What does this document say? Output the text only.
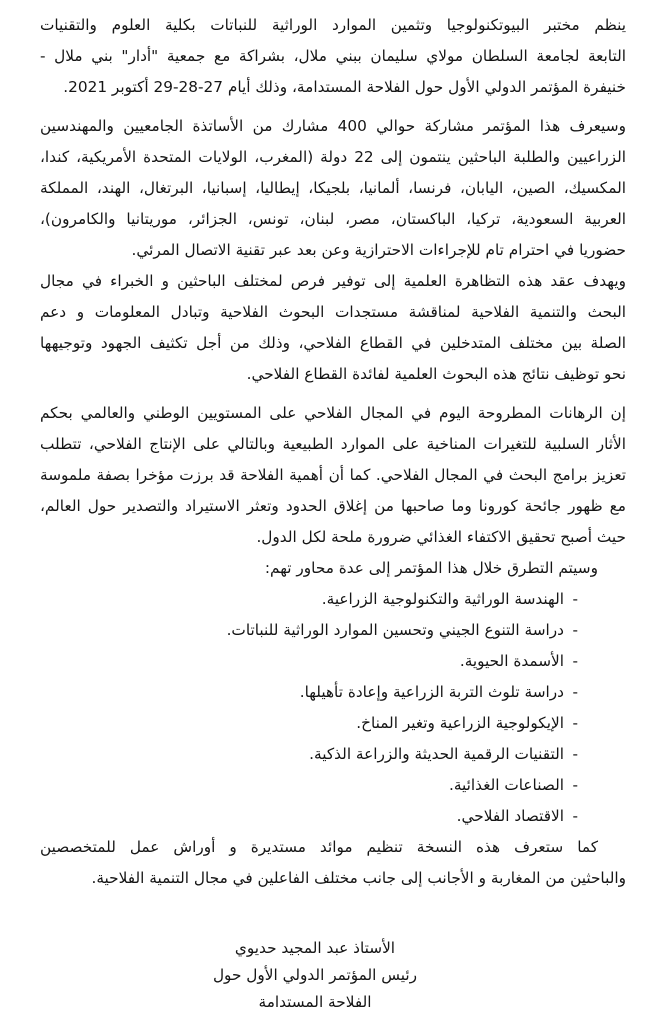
ينظم مختبر البيوتكنولوجيا وتثمين الموارد الوراثية للنباتات بكلية العلوم والتقنيات
التابعة لجامعة السلطان مولاي سليمان ببني ملال، بشراكة مع جمعية "أدار" بني ملال -
خنيفرة المؤتمر الدولي الأول حول الفلاحة المستدامة، وذلك أيام 27-28-29 أكتوبر 2021.

وسيعرف هذا المؤتمر مشاركة حوالي 400 مشارك من الأساتذة الجامعيين والمهندسين
الزراعيين والطلبة الباحثين ينتمون إلى 22 دولة (المغرب، الولايات المتحدة الأمريكية، كندا،
المكسيك، الصين، اليابان، فرنسا، ألمانيا، بلجيكا، إيطاليا، إسبانيا، البرتغال، الهند، المملكة
العربية السعودية، تركيا، الباكستان، مصر، لبنان، تونس، الجزائر، موريتانيا والكامرون)،
حضوريا في احترام تام للإجراءات الاحترازية وعن بعد عبر تقنية الاتصال المرئي.

ويهدف عقد هذه التظاهرة العلمية إلى توفير فرص لمختلف الباحثين و الخبراء في مجال
البحث والتنمية الفلاحية لمناقشة مستجدات البحوث الفلاحية وتبادل المعلومات و دعم
الصلة بين مختلف المتدخلين في القطاع الفلاحي، وذلك من أجل تكثيف الجهود وتوجيهها
نحو توظيف نتائج هذه البحوث العلمية لفائدة القطاع الفلاحي.

إن الرهانات المطروحة اليوم في المجال الفلاحي على المستويين الوطني والعالمي بحكم
الأثار السلبية للتغيرات المناخية على الموارد الطبيعية وبالتالي على الإنتاج الفلاحي، تتطلب
تعزيز برامج البحث في المجال الفلاحي. كما أن أهمية الفلاحة قد برزت مؤخرا بصفة ملموسة
مع ظهور جائحة كورونا وما صاحبها من إغلاق الحدود وتعثر الاستيراد والتصدير حول العالم،
حيث أصبح تحقيق الاكتفاء الغذائي ضرورة ملحة لكل الدول.

وسيتم التطرق خلال هذا المؤتمر إلى عدة محاور تهم:

-الهندسة الوراثية والتكنولوجية الزراعية.
-دراسة التنوع الجيني وتحسين الموارد الوراثية للنباتات.
-الأسمدة الحيوية.
-دراسة تلوث التربة الزراعية وإعادة تأهيلها.
-الإيكولوجية الزراعية وتغير المناخ.
-التقنيات الرقمية الحديثة والزراعة الذكية.
-الصناعات الغذائية.
-الاقتصاد الفلاحي.

كما ستعرف هذه النسخة تنظيم موائد مستديرة و أوراش عمل للمتخصصين
والباحثين من المغاربة و الأجانب إلى جانب مختلف الفاعلين في مجال التنمية الفلاحية.

الأستاذ عبد المجيد حديوي
رئيس المؤتمر الدولي الأول حول
الفلاحة المستدامة
